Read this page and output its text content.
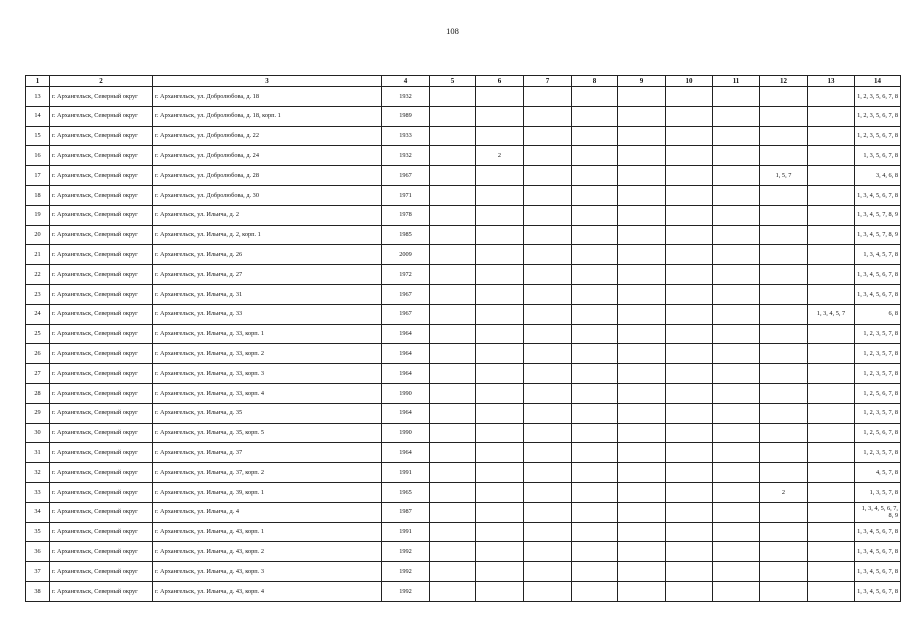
108
1	2	3	4	5	6	7	8	9	10	11	12	13	14
13	г. Архангельск, Северный округ	г. Архангельск, ул. Добролюбова, д. 18	1932										1, 2, 3, 5, 6, 7, 8
14	г. Архангельск, Северный округ	г. Архангельск, ул. Добролюбова, д. 18, корп. 1	1989										1, 2, 3, 5, 6, 7, 8
15	г. Архангельск, Северный округ	г. Архангельск, ул. Добролюбова, д. 22	1933										1, 2, 3, 5, 6, 7, 8
16	г. Архангельск, Северный округ	г. Архангельск, ул. Добролюбова, д. 24	1932		2								1, 3, 5, 6, 7, 8
17	г. Архангельск, Северный округ	г. Архангельск, ул. Добролюбова, д. 28	1967								1, 5, 7		3, 4, 6, 8
18	г. Архангельск, Северный округ	г. Архангельск, ул. Добролюбова, д. 30	1971										1, 3, 4, 5, 6, 7, 8
19	г. Архангельск, Северный округ	г. Архангельск, ул. Ильича, д. 2	1978										1, 3, 4, 5, 7, 8, 9
20	г. Архангельск, Северный округ	г. Архангельск, ул. Ильича, д. 2, корп. 1	1985										1, 3, 4, 5, 7, 8, 9
21	г. Архангельск, Северный округ	г. Архангельск, ул. Ильича, д. 26	2009										1, 3, 4, 5, 7, 8
22	г. Архангельск, Северный округ	г. Архангельск, ул. Ильича, д. 27	1972										1, 3, 4, 5, 6, 7, 8
23	г. Архангельск, Северный округ	г. Архангельск, ул. Ильича, д. 31	1967										1, 3, 4, 5, 6, 7, 8
24	г. Архангельск, Северный округ	г. Архангельск, ул. Ильича, д. 33	1967									1, 3, 4, 5, 7	6, 8
25	г. Архангельск, Северный округ	г. Архангельск, ул. Ильича, д. 33, корп. 1	1964										1, 2, 3, 5, 7, 8
26	г. Архангельск, Северный округ	г. Архангельск, ул. Ильича, д. 33, корп. 2	1964										1, 2, 3, 5, 7, 8
27	г. Архангельск, Северный округ	г. Архангельск, ул. Ильича, д. 33, корп. 3	1964										1, 2, 3, 5, 7, 8
28	г. Архангельск, Северный округ	г. Архангельск, ул. Ильича, д. 33, корп. 4	1990										1, 2, 5, 6, 7, 8
29	г. Архангельск, Северный округ	г. Архангельск, ул. Ильича, д. 35	1964										1, 2, 3, 5, 7, 8
30	г. Архангельск, Северный округ	г. Архангельск, ул. Ильича, д. 35, корп. 5	1990										1, 2, 5, 6, 7, 8
31	г. Архангельск, Северный округ	г. Архангельск, ул. Ильича, д. 37	1964										1, 2, 3, 5, 7, 8
32	г. Архангельск, Северный округ	г. Архангельск, ул. Ильича, д. 37, корп. 2	1991										4, 5, 7, 8
33	г. Архангельск, Северный округ	г. Архангельск, ул. Ильича, д. 39, корп. 1	1965								2		1, 3, 5, 7, 8
34	г. Архангельск, Северный округ	г. Архангельск, ул. Ильича, д. 4	1987										1, 3, 4, 5, 6, 7, 8, 9
35	г. Архангельск, Северный округ	г. Архангельск, ул. Ильича, д. 43, корп. 1	1991										1, 3, 4, 5, 6, 7, 8
36	г. Архангельск, Северный округ	г. Архангельск, ул. Ильича, д. 43, корп. 2	1992										1, 3, 4, 5, 6, 7, 8
37	г. Архангельск, Северный округ	г. Архангельск, ул. Ильича, д. 43, корп. 3	1992										1, 3, 4, 5, 6, 7, 8
38	г. Архангельск, Северный округ	г. Архангельск, ул. Ильича, д. 43, корп. 4	1992										1, 3, 4, 5, 6, 7, 8
